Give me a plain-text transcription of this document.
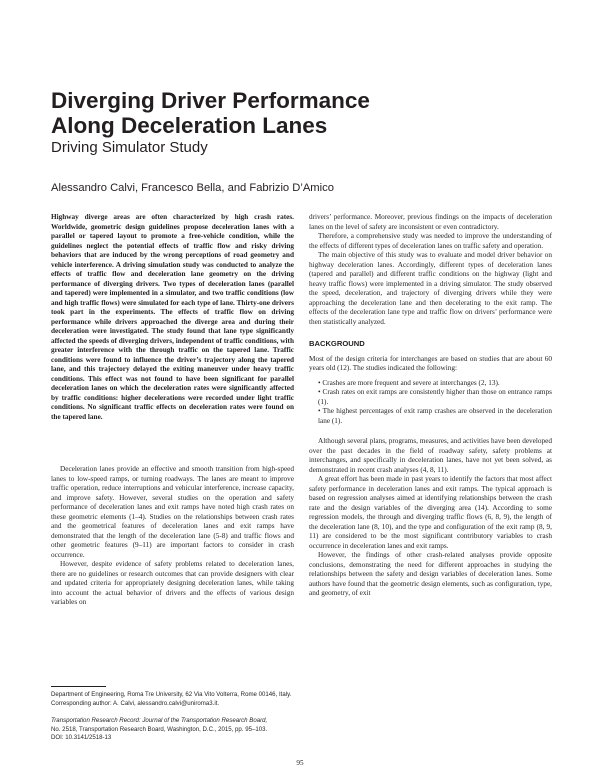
Diverging Driver Performance
Along Deceleration Lanes
Driving Simulator Study
Alessandro Calvi, Francesco Bella, and Fabrizio D’Amico

Highway diverge areas are often characterized by high crash rates. Worldwide, geometric design guidelines propose deceleration lanes with a parallel or tapered layout to promote a free-vehicle condition, while the guidelines neglect the potential effects of traffic flow and risky driving behaviors that are induced by the wrong perceptions of road geometry and vehicle interference. A driving simulation study was conducted to analyze the effects of traffic flow and deceleration lane geometry on the driving performance of diverging drivers. Two types of deceleration lanes (parallel and tapered) were implemented in a simulator, and two traffic conditions (low and high traffic flows) were simulated for each type of lane. Thirty-one drivers took part in the experiments. The effects of traffic flow on driving performance while drivers approached the diverge area and during their deceleration were investigated. The study found that lane type significantly affected the speeds of diverging drivers, independent of traffic conditions, with greater interference with the through traffic on the tapered lane. Traffic conditions were found to influence the driver’s trajectory along the tapered lane, and this trajectory delayed the exiting maneuver under heavy traffic conditions. This effect was not found to have been significant for parallel deceleration lanes on which the deceleration rates were significantly affected by traffic conditions: higher decelerations were recorded under light traffic conditions. No significant traffic effects on deceleration rates were found on the tapered lane.

Deceleration lanes provide an effective and smooth transition from high-speed lanes to low-speed ramps, or turning roadways. The lanes are meant to improve traffic operation, reduce interruptions and vehicular interference, increase capacity, and improve safety. However, several studies on the operation and safety performance of deceleration lanes and exit ramps have noted high crash rates on these geometric elements (1–4). Studies on the relationships between crash rates and the geometrical features of deceleration lanes and exit ramps have demonstrated that the length of the deceleration lane (5-8) and traffic flows and other geometric features (9–11) are important factors to consider in crash occurrence.

However, despite evidence of safety problems related to deceleration lanes, there are no guidelines or research outcomes that can provide designers with clear and updated criteria for appropriately designing deceleration lanes, while taking into account the actual behavior of drivers and the effects of various design variables on

Department of Engineering, Roma Tre University, 62 Via Vito Volterra, Rome 00146, Italy. Corresponding author: A. Calvi, alessandro.calvi@uniroma3.it.
Transportation Research Record: Journal of the Transportation Research Board,
No. 2518, Transportation Research Board, Washington, D.C., 2015, pp. 95–103.
DOI: 10.3141/2518-13

drivers’ performance. Moreover, previous findings on the impacts of deceleration lanes on the level of safety are inconsistent or even contradictory.

Therefore, a comprehensive study was needed to improve the understanding of the effects of different types of deceleration lanes on traffic safety and operation.

The main objective of this study was to evaluate and model driver behavior on highway deceleration lanes. Accordingly, different types of deceleration lanes (tapered and parallel) and different traffic conditions on the highway (light and heavy traffic flows) were implemented in a driving simulator. The study observed the speed, deceleration, and trajectory of diverging drivers while they were approaching the deceleration lane and then decelerating to the exit ramp. The effects of the deceleration lane type and traffic flow on drivers’ performance were then statistically analyzed.

BACKGROUND

Most of the design criteria for interchanges are based on studies that are about 60 years old (12). The studies indicated the following:

• Crashes are more frequent and severe at interchanges (2, 13).

• Crash rates on exit ramps are consistently higher than those on entrance ramps (1).

• The highest percentages of exit ramp crashes are observed in the deceleration lane (1).

Although several plans, programs, measures, and activities have been developed over the past decades in the field of roadway safety, safety problems at interchanges, and specifically in deceleration lanes, have not yet been solved, as demonstrated in recent crash analyses (4, 8, 11).

A great effort has been made in past years to identify the factors that most affect safety performance in deceleration lanes and exit ramps. The typical approach is based on regression analyses aimed at identifying relationships between the crash rate and the design variables of the diverging area (14). According to some regression models, the through and diverging traffic flows (6, 8, 9), the length of the deceleration lane (8, 10), and the type and configuration of the exit ramp (8, 9, 11) are considered to be the most significant contributory variables to crash occurrence in deceleration lanes and exit ramps.

However, the findings of other crash-related analyses provide opposite conclusions, demonstrating the need for different approaches in studying the relationships between the safety and design variables of deceleration lanes. Some authors have found that the geometric design elements, such as configuration, type, and geometry, of exit

95
